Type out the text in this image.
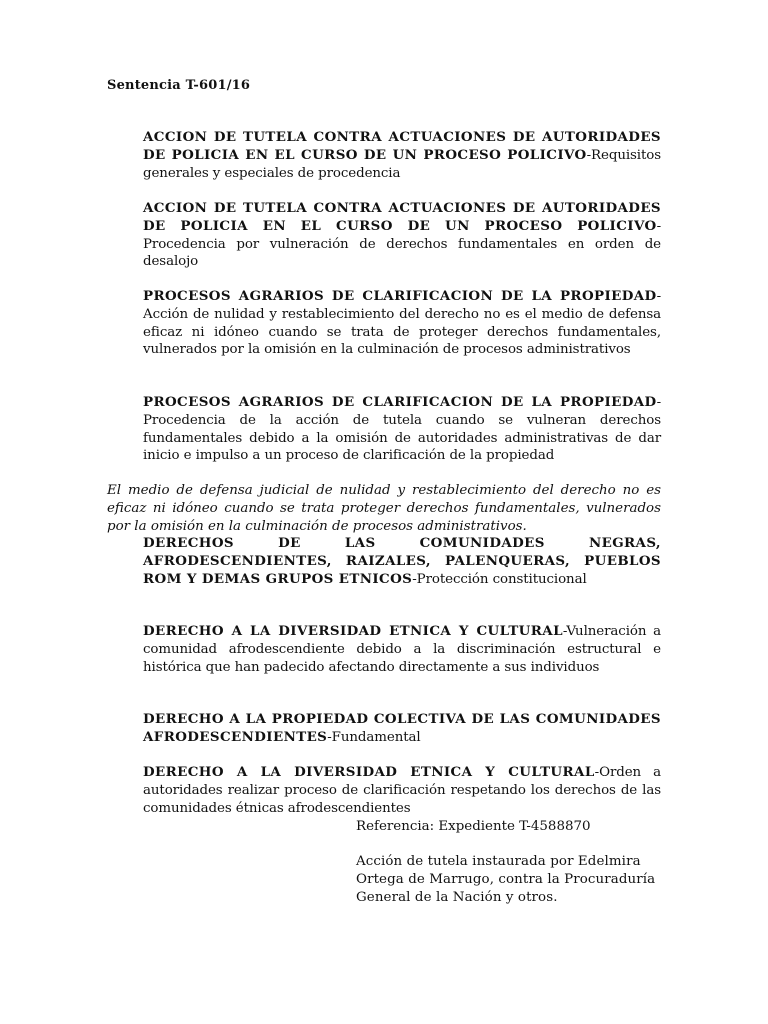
Sentencia T-601/16
ACCION DE TUTELA CONTRA ACTUACIONES DE AUTORIDADES DE POLICIA EN EL CURSO DE UN PROCESO POLICIVO-Requisitos generales y especiales de procedencia
ACCION DE TUTELA CONTRA ACTUACIONES DE AUTORIDADES DE POLICIA EN EL CURSO DE UN PROCESO POLICIVO-Procedencia por vulneración de derechos fundamentales en orden de desalojo
PROCESOS AGRARIOS DE CLARIFICACION DE LA PROPIEDAD-Acción de nulidad y restablecimiento del derecho no es el medio de defensa eficaz ni idóneo cuando se trata de proteger derechos fundamentales, vulnerados por la omisión en la culminación de procesos administrativos
PROCESOS AGRARIOS DE CLARIFICACION DE LA PROPIEDAD-Procedencia de la acción de tutela cuando se vulneran derechos fundamentales debido a la omisión de autoridades administrativas de dar inicio e impulso a un proceso de clarificación de la propiedad
El medio de defensa judicial de nulidad y restablecimiento del derecho no es eficaz ni idóneo cuando se trata proteger derechos fundamentales, vulnerados por la omisión en la culminación de procesos administrativos.
DERECHOS DE LAS COMUNIDADES NEGRAS, AFRODESCENDIENTES, RAIZALES, PALENQUERAS, PUEBLOS ROM Y DEMAS GRUPOS ETNICOS-Protección constitucional
DERECHO A LA DIVERSIDAD ETNICA Y CULTURAL-Vulneración a comunidad afrodescendiente debido a la discriminación estructural e histórica que han padecido afectando directamente a sus individuos
DERECHO A LA PROPIEDAD COLECTIVA DE LAS COMUNIDADES AFRODESCENDIENTES-Fundamental
DERECHO A LA DIVERSIDAD ETNICA Y CULTURAL-Orden a autoridades realizar proceso de clarificación respetando los derechos de las comunidades étnicas afrodescendientes
Referencia: Expediente T-4588870
Acción de tutela instaurada por Edelmira Ortega de Marrugo, contra la Procuraduría General de la Nación y otros.
